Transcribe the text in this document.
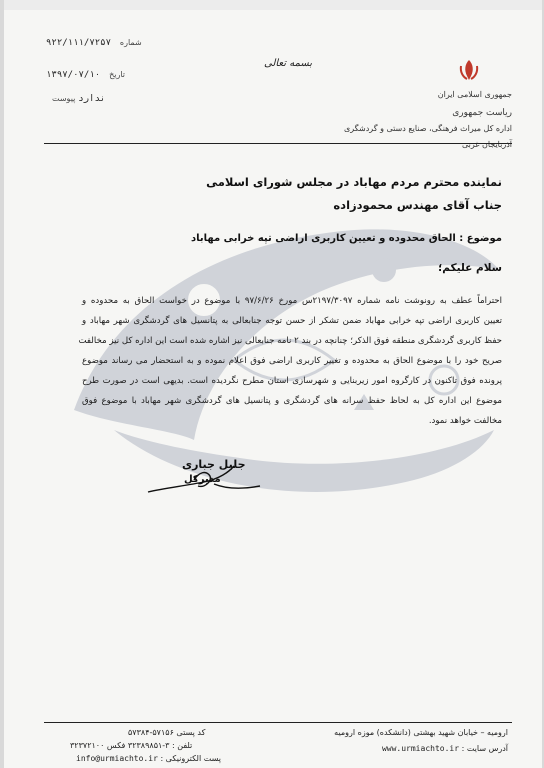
بسمه تعالی
جمهوری اسلامی ایران
ریاست جمهوری
اداره کل میراث فرهنگی، صنایع دستی و گردشگری
آذربایجان غربی
۹۲۲/۱۱۱/۷۲۵۷ شماره
۱۳۹۷/۰۷/۱۰ تاریخ
ندارد پیوست
نماینده محترم مردم مهاباد در مجلس شورای اسلامی
جناب آقای مهندس محمودزاده
موضوع : الحاق محدوده و تعیین کاربری اراضی تپه خرابی مهاباد
سلام علیکم؛
احتراماً عطف به رونوشت نامه شماره ۲۱۹۷/۳۰۹۷س مورخ ۹۷/۶/۲۶ با موضوع در خواست الحاق به محدوده و
تعیین کاربری اراضی تپه خرابی مهاباد ضمن تشکر از حسن توجه جنابعالی به پتانسیل های گردشگری شهر مهاباد و
حفظ کاربری گردشگری منطقه فوق الذکر؛ چنانچه در بند ۲ نامه جنابعالی نیز اشاره شده است این اداره کل نیز مخالفت
صریح خود را با موضوع الحاق به محدوده و تغییر کاربری اراضی فوق اعلام نموده و به استحضار می رساند موضوع
پرونده فوق تاکنون در کارگروه امور زیربنایی و شهرسازی استان مطرح نگردیده است. بدیهی است در صورت طرح
موضوع این اداره کل به لحاظ حفظ سرانه های گردشگری و پتانسیل های گردشگری شهر مهاباد با موضوع فوق
مخالفت خواهد نمود.
جلیل جباری
مدیرکل
ارومیه – خیابان شهید بهشتی (دانشکده) موزه ارومیه
کد پستی ۵۷۱۵۶-۵۷۳۸۴
تلفن : ۳-۳۲۳۸۹۸۵۱ فکس ۳۲۳۷۲۱۰۰	آدرس سایت : www.urmiachto.ir
پست الکترونیکی : info@urmiachto.ir
